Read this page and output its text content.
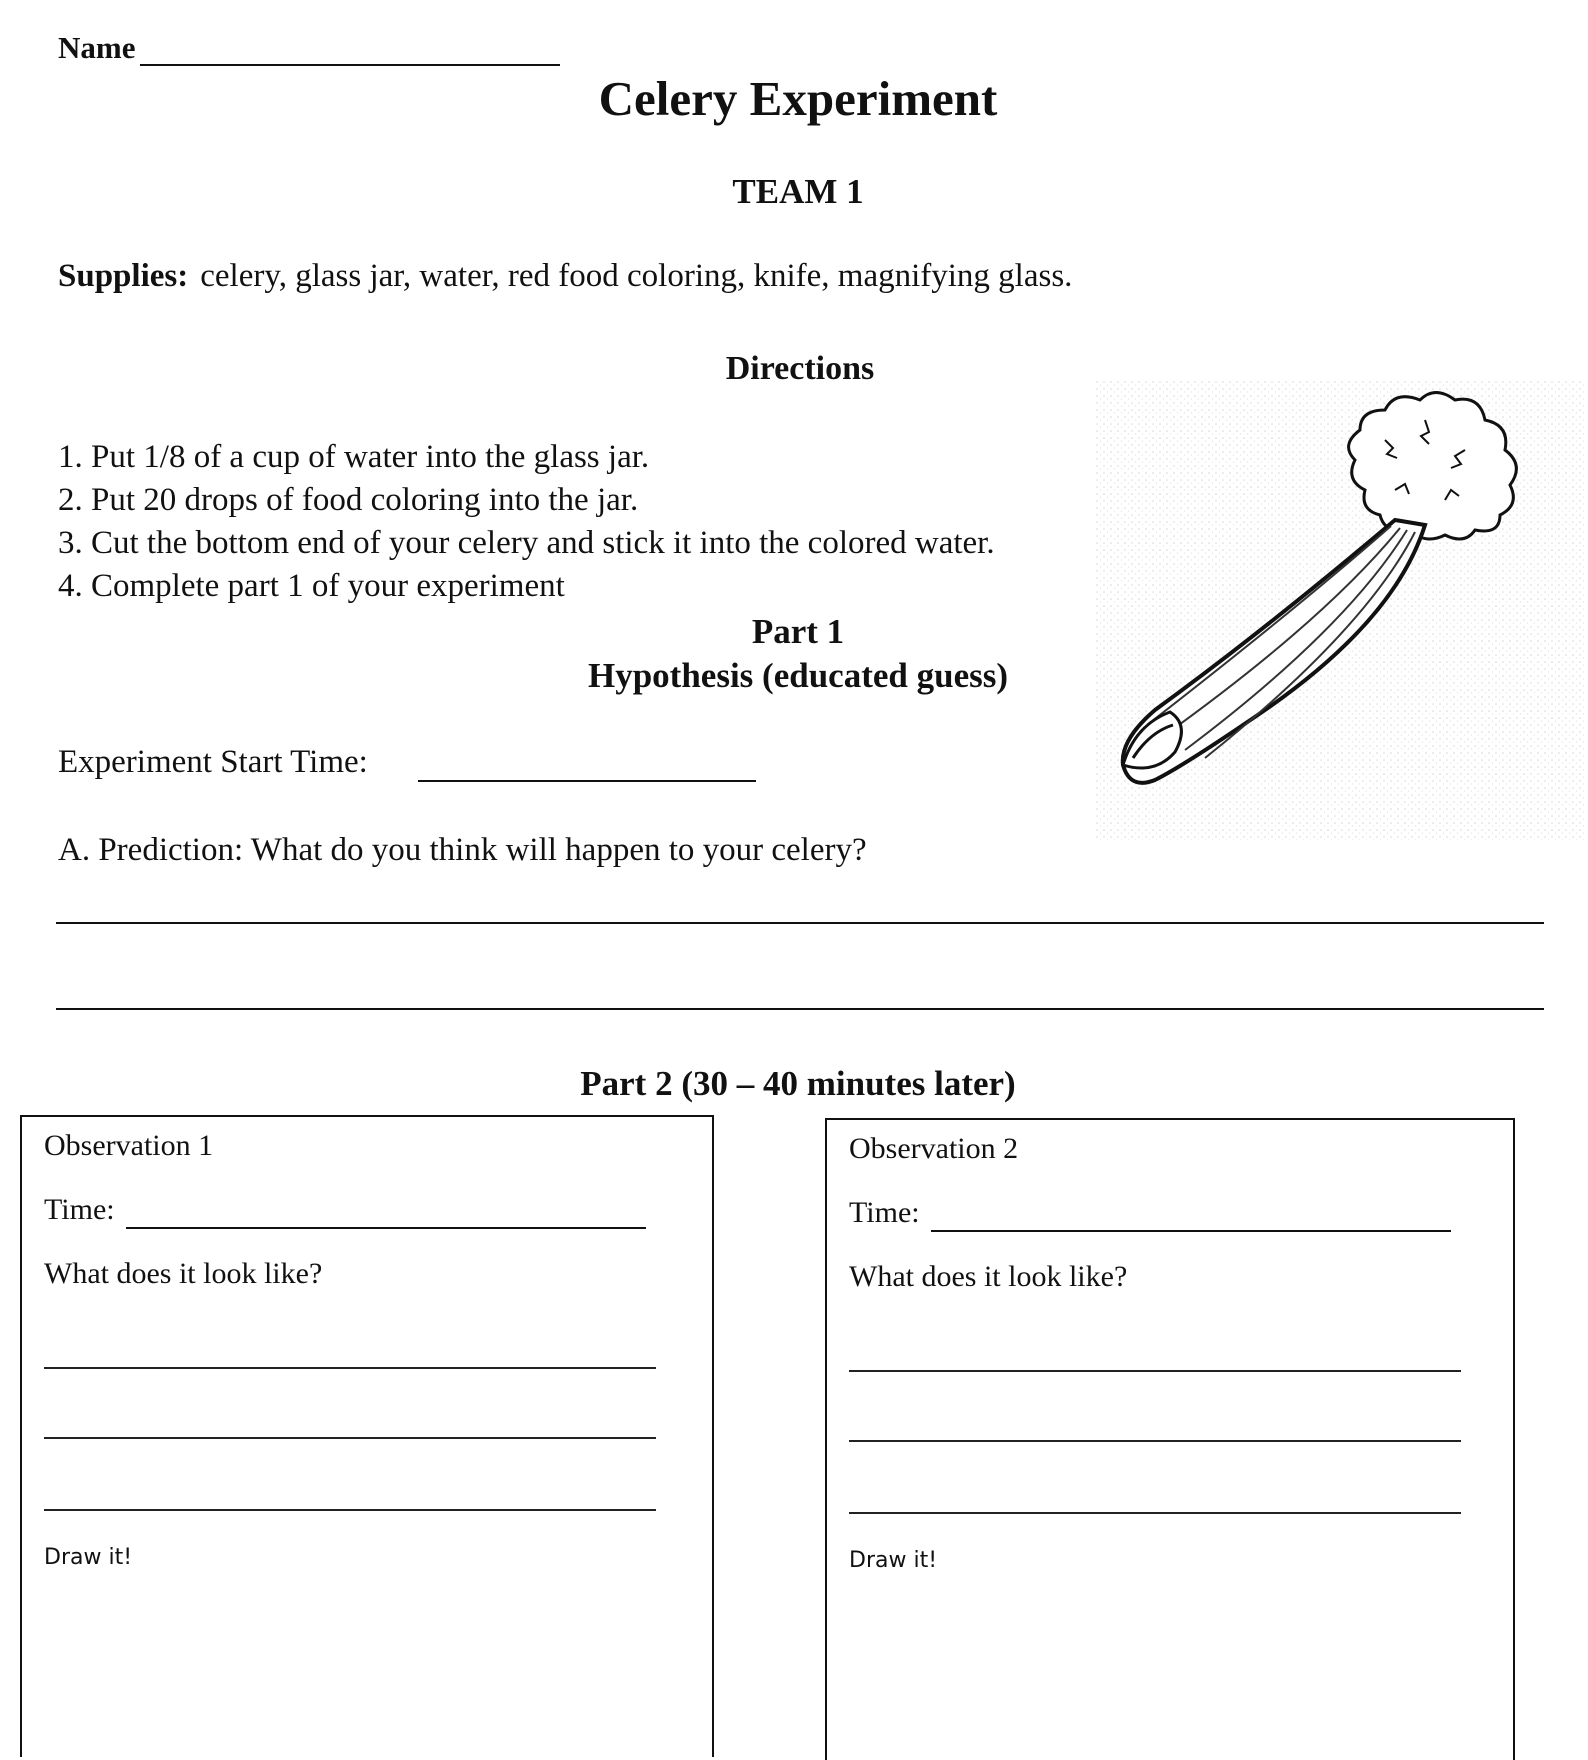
Name
Celery Experiment
TEAM 1
Supplies: celery, glass jar, water, red food coloring, knife, magnifying glass.
Directions
1. Put 1/8 of a cup of water into the glass jar.
2. Put 20 drops of food coloring into the jar.
3. Cut the bottom end of your celery and stick it into the colored water.
4. Complete part 1 of your experiment
Part 1
Hypothesis (educated guess)
Experiment Start Time:
A. Prediction: What do you think will happen to your celery?
Part 2 (30 – 40 minutes later)
Observation 1
Time:
What does it look like?
Draw it!
Observation 2
Time:
What does it look like?
Draw it!
